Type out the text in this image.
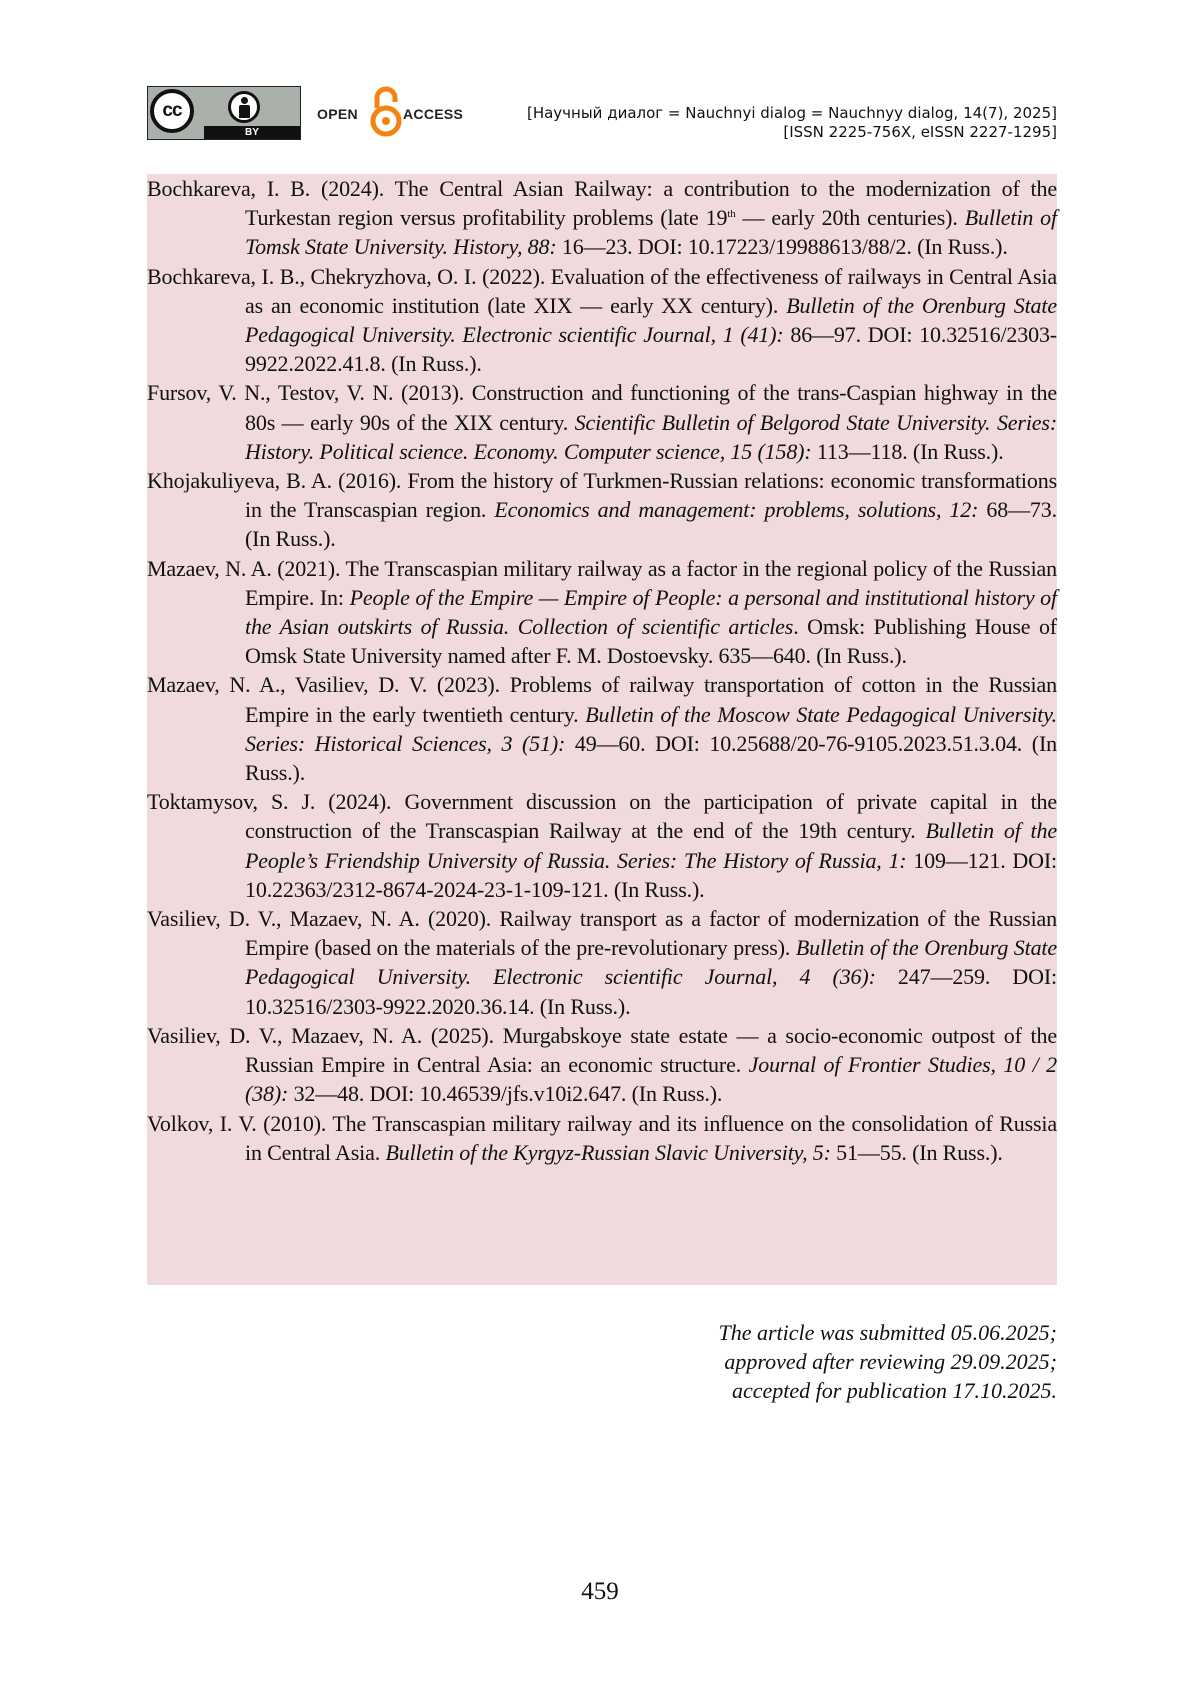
cc
BY
OPEN	ACCESS	[Научный диалог = Nauchnyi dialog = Nauchnyy dialog, 14(7), 2025]
[ISSN 2225-756X, eISSN 2227-1295]

Bochkareva, I. B. (2024). The Central Asian Railway: a contribution to the modernization of the Turkestan region versus profitability problems (late 19th — early 20th centuries). Bulletin of Tomsk State University. History, 88: 16—23. DOI: 10.17223/19988613/88/2. (In Russ.).

Bochkareva, I. B., Chekryzhova, O. I. (2022). Evaluation of the effectiveness of railways in Central Asia as an economic institution (late XIX — early XX century). Bulletin of the Orenburg State Pedagogical University. Electronic scientific Journal, 1 (41): 86—97. DOI: 10.32516/2303-9922.2022.41.8. (In Russ.).

Fursov, V. N., Testov, V. N. (2013). Construction and functioning of the trans-Caspian highway in the 80s — early 90s of the XIX century. Scientific Bulletin of Belgorod State University. Series: History. Political science. Economy. Computer science, 15 (158): 113—118. (In Russ.).

Khojakuliyeva, B. A. (2016). From the history of Turkmen-Russian relations: economic transformations in the Transcaspian region. Economics and management: problems, solutions, 12: 68—73. (In Russ.).

Mazaev, N. A. (2021). The Transcaspian military railway as a factor in the regional policy of the Russian Empire. In: People of the Empire — Empire of People: a personal and institutional history of the Asian outskirts of Russia. Collection of scientific articles. Omsk: Publishing House of Omsk State University named after F. M. Dostoevsky. 635—640. (In Russ.).

Mazaev, N. A., Vasiliev, D. V. (2023). Problems of railway transportation of cotton in the Russian Empire in the early twentieth century. Bulletin of the Moscow State Pedagogical University. Series: Historical Sciences, 3 (51): 49—60. DOI: 10.25688/20-76-9105.2023.51.3.04. (In Russ.).

Toktamysov, S. J. (2024). Government discussion on the participation of private capital in the construction of the Transcaspian Railway at the end of the 19th century. Bulletin of the People’s Friendship University of Russia. Series: The History of Russia, 1: 109—121. DOI: 10.22363/2312-8674-2024-23-1-109-121. (In Russ.).

Vasiliev, D. V., Mazaev, N. A. (2020). Railway transport as a factor of modernization of the Russian Empire (based on the materials of the pre-revolutionary press). Bulletin of the Orenburg State Pedagogical University. Electronic scientific Journal, 4 (36): 247—259. DOI: 10.32516/2303-9922.2020.36.14. (In Russ.).

Vasiliev, D. V., Mazaev, N. A. (2025). Murgabskoye state estate — a socio-economic outpost of the Russian Empire in Central Asia: an economic structure. Journal of Frontier Studies, 10 / 2 (38): 32—48. DOI: 10.46539/jfs.v10i2.647. (In Russ.).

Volkov, I. V. (2010). The Transcaspian military railway and its influence on the consolidation of Russia in Central Asia. Bulletin of the Kyrgyz-Russian Slavic University, 5: 51—55. (In Russ.).

The article was submitted 05.06.2025;
approved after reviewing 29.09.2025;
accepted for publication 17.10.2025.
459
